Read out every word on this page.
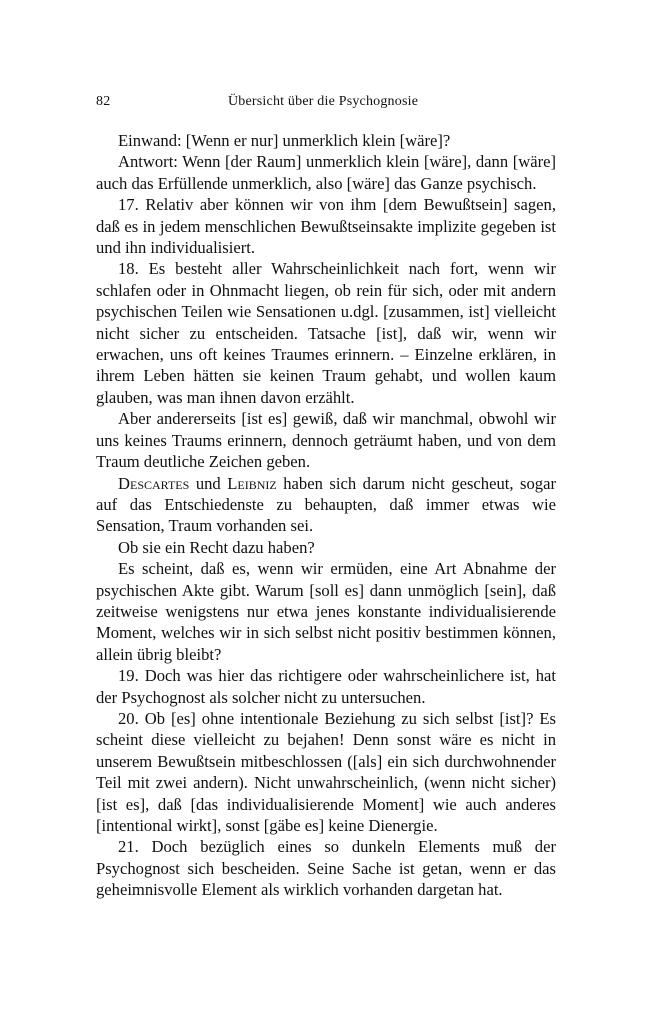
82	Übersicht über die Psychognosie

Einwand: [Wenn er nur] unmerklich klein [wäre]?

Antwort: Wenn [der Raum] unmerklich klein [wäre], dann [wäre] auch das Erfüllende unmerklich, also [wäre] das Ganze psychisch.

17. Relativ aber können wir von ihm [dem Bewußtsein] sagen, daß es in jedem menschlichen Bewußtseinsakte implizite gegeben ist und ihn individualisiert.

18. Es besteht aller Wahrscheinlichkeit nach fort, wenn wir schlafen oder in Ohnmacht liegen, ob rein für sich, oder mit andern psychischen Teilen wie Sensationen u.dgl. [zusammen, ist] vielleicht nicht sicher zu entscheiden. Tatsache [ist], daß wir, wenn wir erwachen, uns oft keines Traumes erinnern. – Einzelne erklären, in ihrem Leben hätten sie keinen Traum gehabt, und wollen kaum glauben, was man ihnen davon erzählt.

Aber andererseits [ist es] gewiß, daß wir manchmal, obwohl wir uns keines Traums erinnern, dennoch geträumt haben, und von dem Traum deutliche Zeichen geben.

Descartes und Leibniz haben sich darum nicht gescheut, sogar auf das Entschiedenste zu behaupten, daß immer etwas wie Sensation, Traum vorhanden sei.

Ob sie ein Recht dazu haben?

Es scheint, daß es, wenn wir ermüden, eine Art Abnahme der psychischen Akte gibt. Warum [soll es] dann unmöglich [sein], daß zeitweise wenigstens nur etwa jenes konstante individualisierende Moment, welches wir in sich selbst nicht positiv bestimmen können, allein übrig bleibt?

19. Doch was hier das richtigere oder wahrscheinlichere ist, hat der Psychognost als solcher nicht zu untersuchen.

20. Ob [es] ohne intentionale Beziehung zu sich selbst [ist]? Es scheint diese vielleicht zu bejahen! Denn sonst wäre es nicht in unserem Bewußtsein mitbeschlossen ([als] ein sich durchwohnender Teil mit zwei andern). Nicht unwahrscheinlich, (wenn nicht sicher) [ist es], daß [das individualisierende Moment] wie auch anderes [intentional wirkt], sonst [gäbe es] keine Dienergie.

21. Doch bezüglich eines so dunkeln Elements muß der Psychognost sich bescheiden. Seine Sache ist getan, wenn er das geheimnisvolle Element als wirklich vorhanden dargetan hat.
